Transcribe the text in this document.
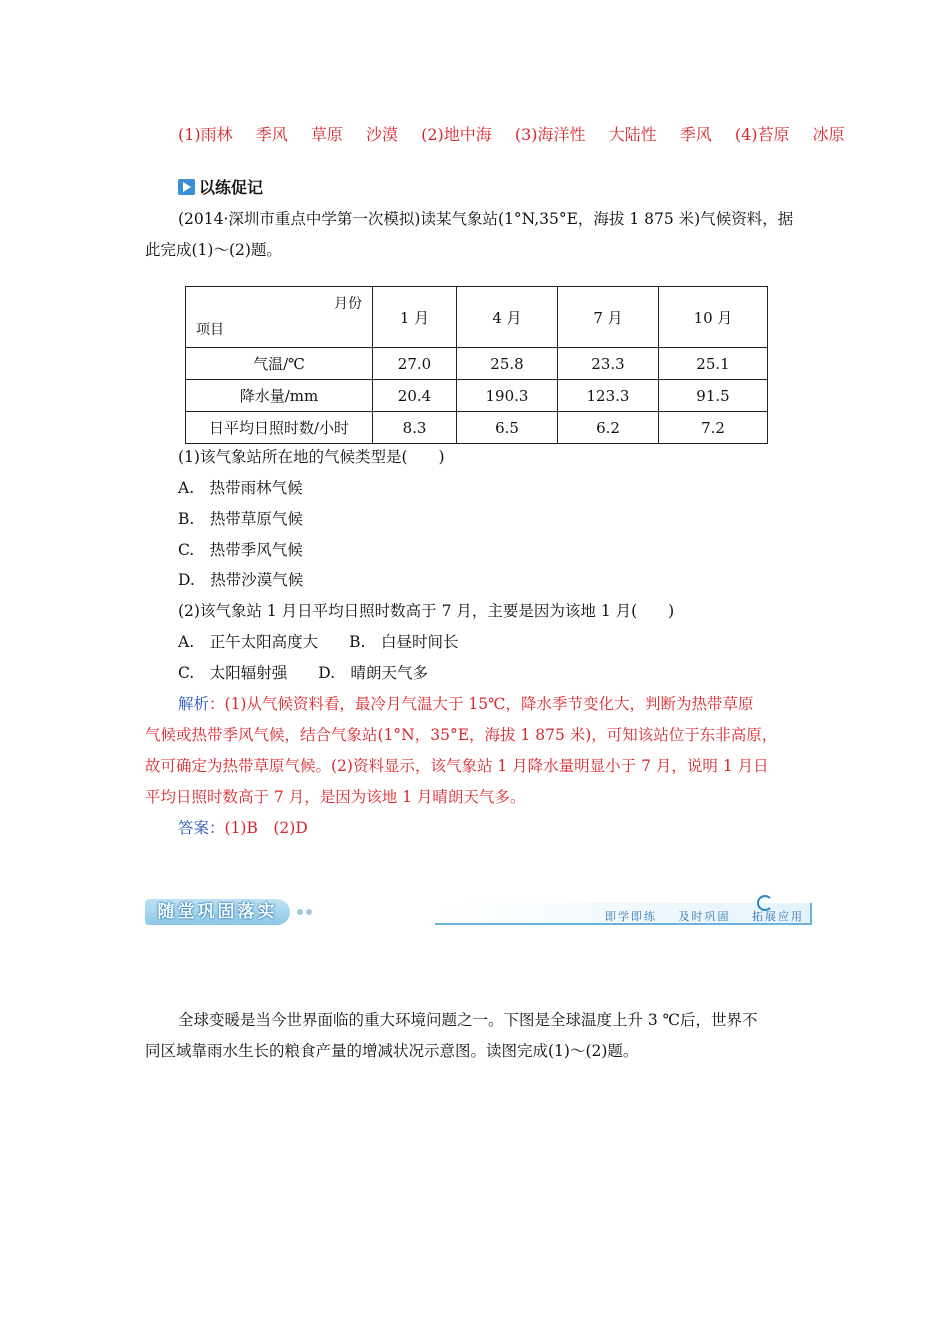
(1)雨林 季风 草原 沙漠 (2)地中海 (3)海洋性 大陆性 季风 (4)苔原 冰原
以练促记
(2014·深圳市重点中学第一次模拟)读某气象站(1°N,35°E，海拔 1 875 米)气候资料，据
此完成(1)～(2)题。
月份
项目	1 月	4 月	7 月	10 月
气温/℃	27.0	25.8	23.3	25.1
降水量/mm	20.4	190.3	123.3	91.5
日平均日照时数/小时	8.3	6.5	6.2	7.2
(1)该气象站所在地的气候类型是(　　)
A.　热带雨林气候
B.　热带草原气候
C.　热带季风气候
D.　热带沙漠气候
(2)该气象站 1 月日平均日照时数高于 7 月，主要是因为该地 1 月(　　)
A.　正午太阳高度大　　B.　白昼时间长
C.　太阳辐射强　　D.　晴朗天气多
解析：(1)从气候资料看，最冷月气温大于 15℃，降水季节变化大，判断为热带草原
气候或热带季风气候，结合气象站(1°N，35°E，海拔 1 875 米)，可知该站位于东非高原，
故可确定为热带草原气候。(2)资料显示，该气象站 1 月降水量明显小于 7 月，说明 1 月日
平均日照时数高于 7 月，是因为该地 1 月晴朗天气多。
答案：(1)B　(2)D
随堂巩固落实	即学即练 及时巩固 拓展应用
全球变暖是当今世界面临的重大环境问题之一。下图是全球温度上升 3 ℃后，世界不
同区域靠雨水生长的粮食产量的增减状况示意图。读图完成(1)～(2)题。
